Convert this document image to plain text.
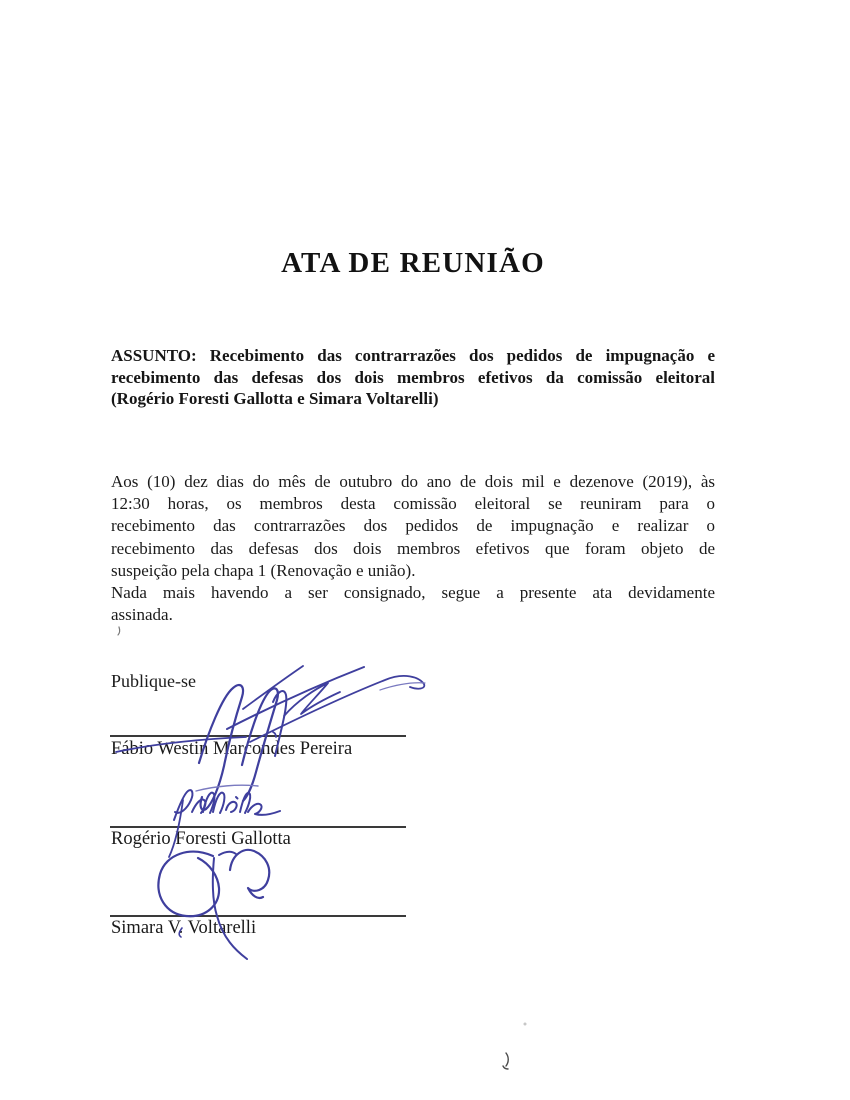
ATA DE REUNIÃO
ASSUNTO: Recebimento das contrarrazões dos pedidos de impugnação e
recebimento das defesas dos dois membros efetivos da comissão eleitoral
(Rogério Foresti Gallotta e Simara Voltarelli)
Aos (10) dez dias do mês de outubro do ano de dois mil e dezenove (2019), às
12:30 horas, os membros desta comissão eleitoral se reuniram para o
recebimento das contrarrazões dos pedidos de impugnação e realizar o
recebimento das defesas dos dois membros efetivos que foram objeto de
suspeição pela chapa 1 (Renovação e união).
Nada mais havendo a ser consignado, segue a presente ata devidamente
assinada.
Publique-se
Fábio Westin Marcondes Pereira
Rogério Foresti Gallotta
Simara V. Voltarelli
